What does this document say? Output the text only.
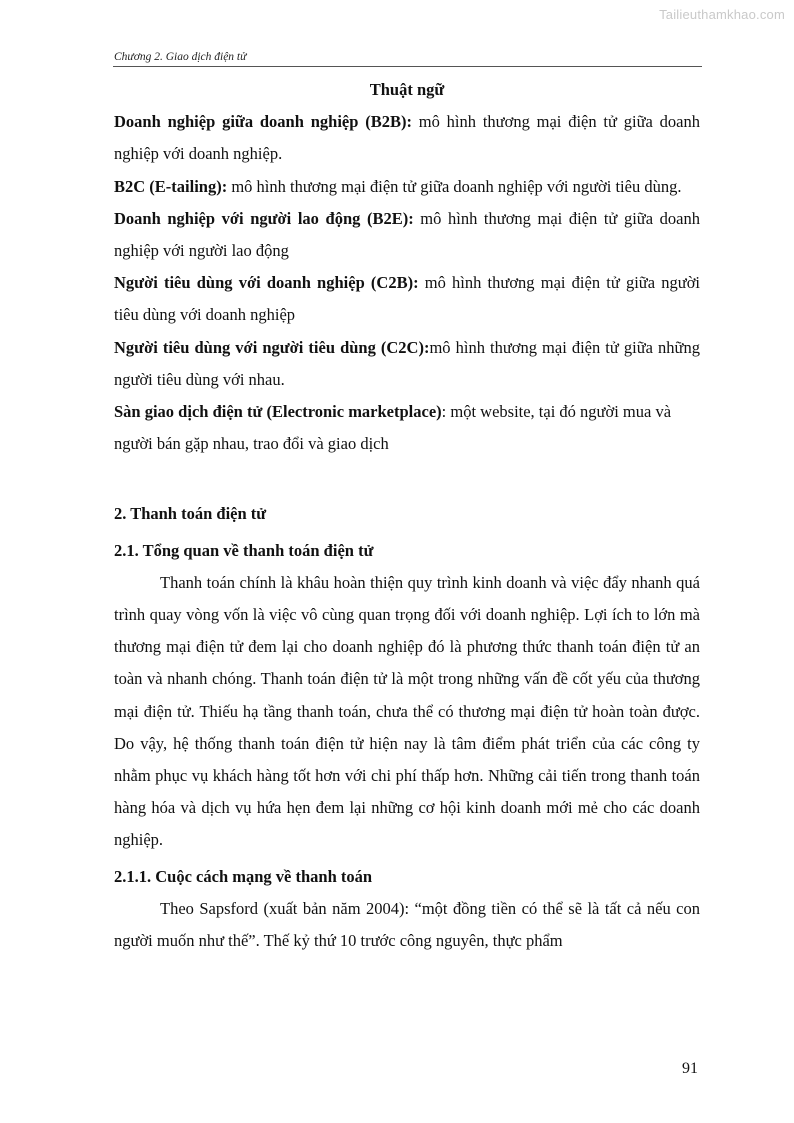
Tailieuthamkhao.com
Chương 2. Giao dịch điện tử

Thuật ngữ

Doanh nghiệp giữa doanh nghiệp (B2B): mô hình thương mại điện tử giữa doanh nghiệp với doanh nghiệp.

B2C (E-tailing): mô hình thương mại điện tử giữa doanh nghiệp với người tiêu dùng.

Doanh nghiệp với người lao động (B2E): mô hình thương mại điện tử giữa doanh nghiệp với người lao động

Người tiêu dùng với doanh nghiệp (C2B): mô hình thương mại điện tử giữa người tiêu dùng với doanh nghiệp

Người tiêu dùng với người tiêu dùng (C2C):mô hình thương mại điện tử giữa những người tiêu dùng với nhau.

Sàn giao dịch điện tử (Electronic marketplace): một website, tại đó người mua và người bán gặp nhau, trao đổi và giao dịch

2. Thanh toán điện tử

2.1. Tổng quan về thanh toán điện tử

Thanh toán chính là khâu hoàn thiện quy trình kinh doanh và việc đẩy nhanh quá trình quay vòng vốn là việc vô cùng quan trọng đối với doanh nghiệp. Lợi ích to lớn mà thương mại điện tử đem lại cho doanh nghiệp đó là phương thức thanh toán điện tử an toàn và nhanh chóng. Thanh toán điện tử là một trong những vấn đề cốt yếu của thương mại điện tử. Thiếu hạ tầng thanh toán, chưa thể có thương mại điện tử hoàn toàn được. Do vậy, hệ thống thanh toán điện tử hiện nay là tâm điểm phát triển của các công ty nhằm phục vụ khách hàng tốt hơn với chi phí thấp hơn. Những cải tiến trong thanh toán hàng hóa và dịch vụ hứa hẹn đem lại những cơ hội kinh doanh mới mẻ cho các doanh nghiệp.

2.1.1. Cuộc cách mạng về thanh toán

Theo Sapsford (xuất bản năm 2004): “một đồng tiền có thể sẽ là tất cả nếu con người muốn như thế”. Thế kỷ thứ 10 trước công nguyên, thực phẩm

91
